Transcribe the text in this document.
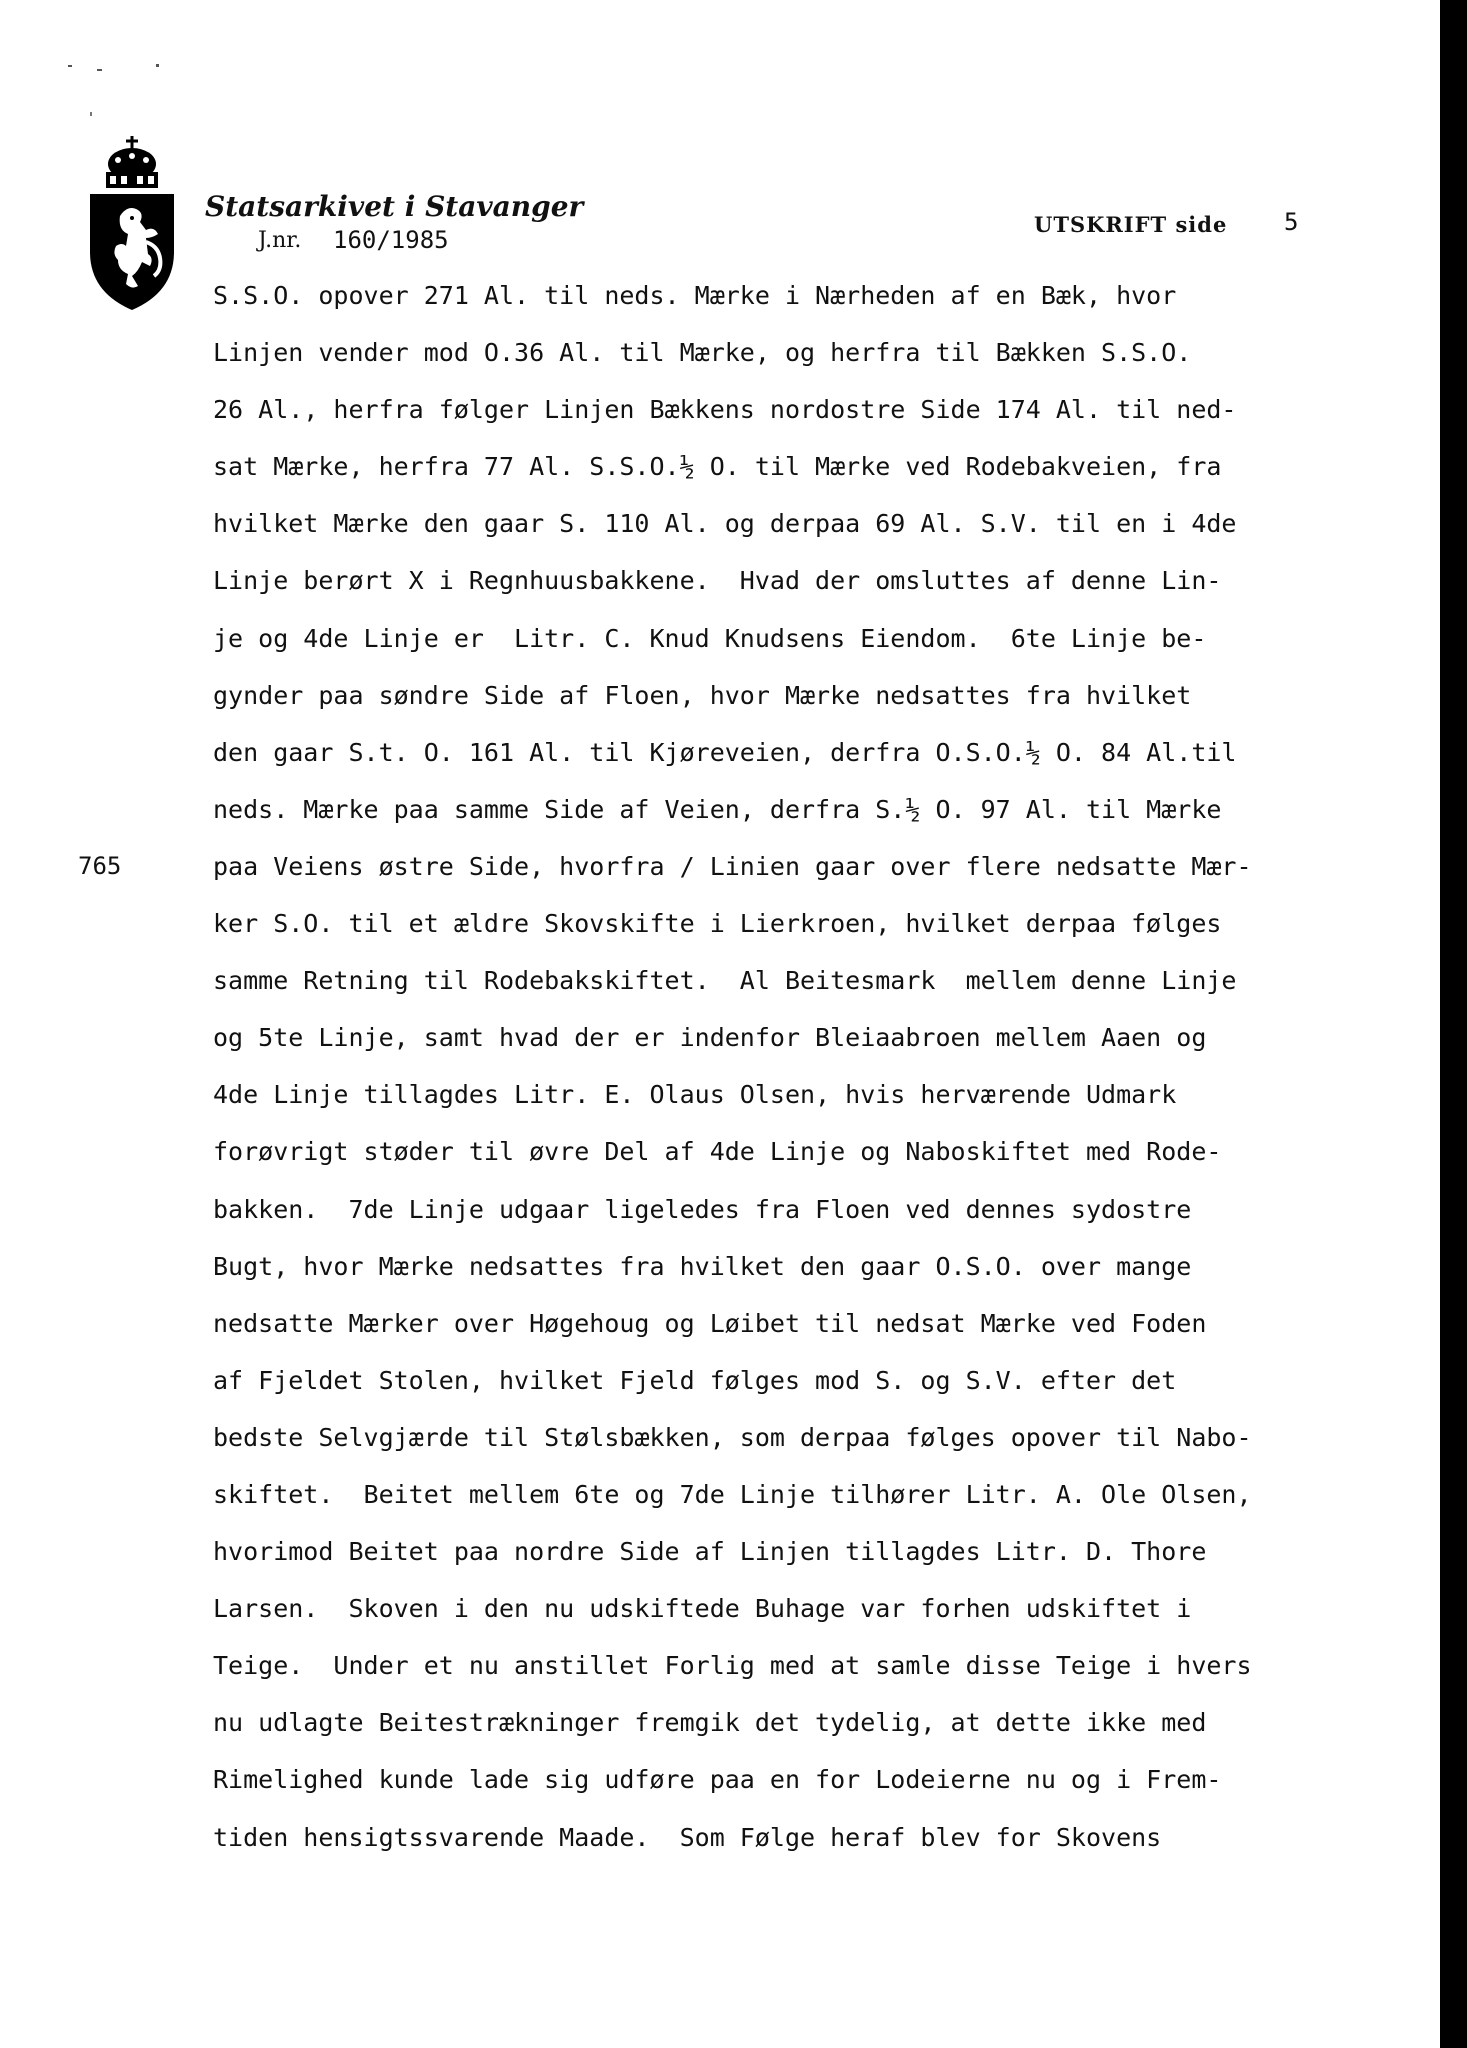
Statsarkivet i Stavanger
J.nr. 160/1985
UTSKRIFT side 5
765
S.S.O. opover 271 Al. til neds. Mærke i Nærheden af en Bæk, hvor
Linjen vender mod O.36 Al. til Mærke, og herfra til Bækken S.S.O.
26 Al., herfra følger Linjen Bækkens nordostre Side 174 Al. til ned-
sat Mærke, herfra 77 Al. S.S.O.½ O. til Mærke ved Rodebakveien, fra
hvilket Mærke den gaar S. 110 Al. og derpaa 69 Al. S.V. til en i 4de
Linje berørt X i Regnhuusbakkene.  Hvad der omsluttes af denne Lin-
je og 4de Linje er  Litr. C. Knud Knudsens Eiendom.  6te Linje be-
gynder paa søndre Side af Floen, hvor Mærke nedsattes fra hvilket
den gaar S.t. O. 161 Al. til Kjøreveien, derfra O.S.O.½ O. 84 Al.til
neds. Mærke paa samme Side af Veien, derfra S.½ O. 97 Al. til Mærke
paa Veiens østre Side, hvorfra / Linien gaar over flere nedsatte Mær-
ker S.O. til et ældre Skovskifte i Lierkroen, hvilket derpaa følges
samme Retning til Rodebakskiftet.  Al Beitesmark  mellem denne Linje
og 5te Linje, samt hvad der er indenfor Bleiaabroen mellem Aaen og
4de Linje tillagdes Litr. E. Olaus Olsen, hvis herværende Udmark
forøvrigt støder til øvre Del af 4de Linje og Naboskiftet med Rode-
bakken.  7de Linje udgaar ligeledes fra Floen ved dennes sydostre
Bugt, hvor Mærke nedsattes fra hvilket den gaar O.S.O. over mange
nedsatte Mærker over Høgehoug og Løibet til nedsat Mærke ved Foden
af Fjeldet Stolen, hvilket Fjeld følges mod S. og S.V. efter det
bedste Selvgjærde til Stølsbækken, som derpaa følges opover til Nabo-
skiftet.  Beitet mellem 6te og 7de Linje tilhører Litr. A. Ole Olsen,
hvorimod Beitet paa nordre Side af Linjen tillagdes Litr. D. Thore
Larsen.  Skoven i den nu udskiftede Buhage var forhen udskiftet i
Teige.  Under et nu anstillet Forlig med at samle disse Teige i hvers
nu udlagte Beitestrækninger fremgik det tydelig, at dette ikke med
Rimelighed kunde lade sig udføre paa en for Lodeierne nu og i Frem-
tiden hensigtssvarende Maade.  Som Følge heraf blev for Skovens
